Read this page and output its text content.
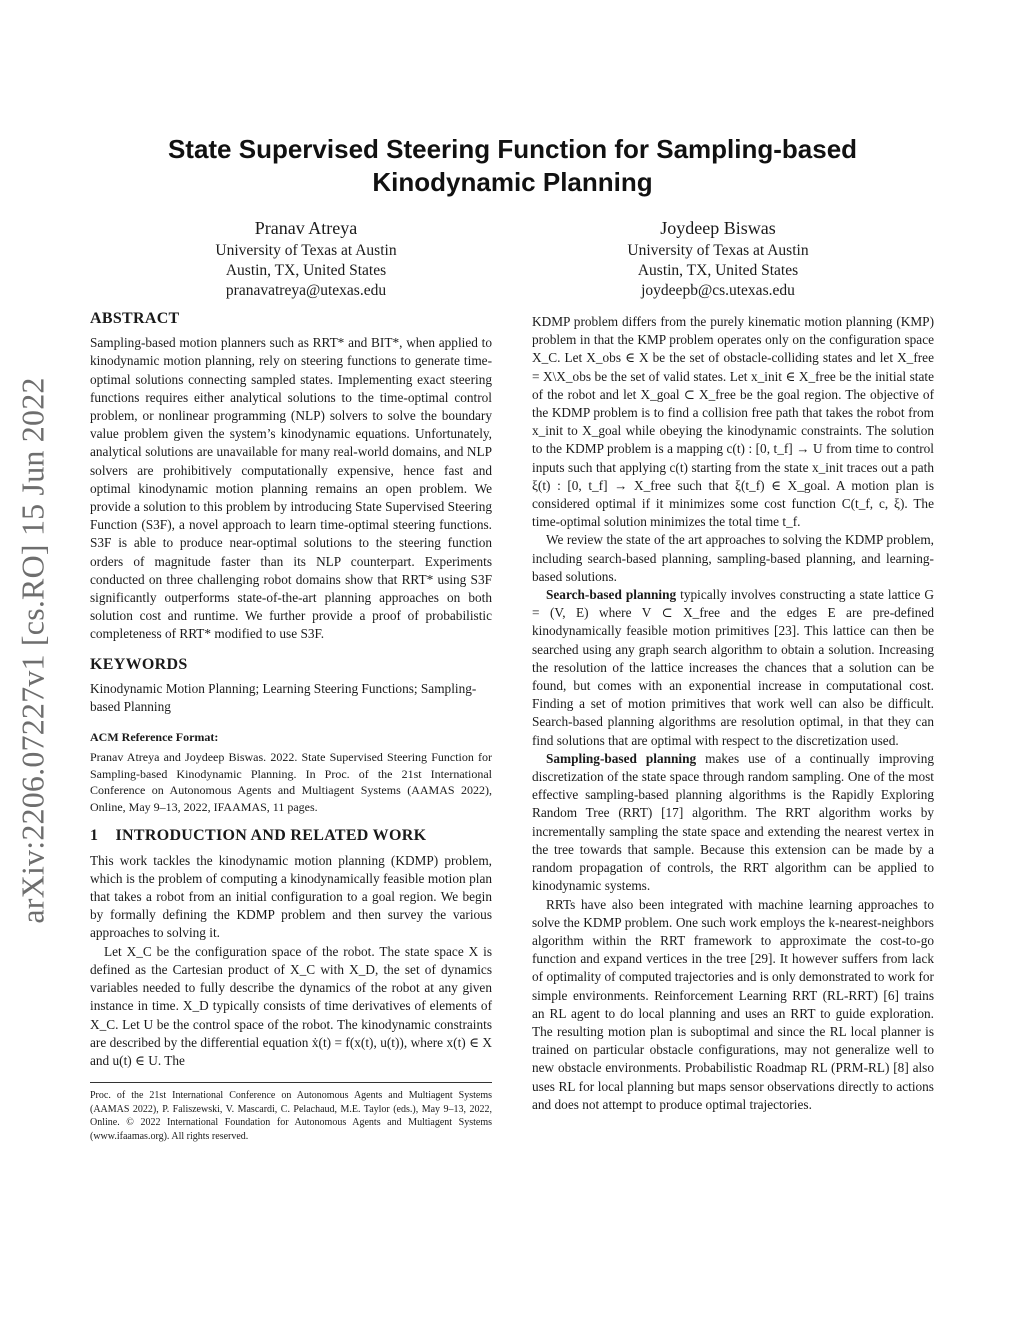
arXiv:2206.07227v1 [cs.RO] 15 Jun 2022
State Supervised Steering Function for Sampling-based Kinodynamic Planning
Pranav Atreya
University of Texas at Austin
Austin, TX, United States
pranavatreya@utexas.edu
Joydeep Biswas
University of Texas at Austin
Austin, TX, United States
joydeepb@cs.utexas.edu
ABSTRACT

Sampling-based motion planners such as RRT* and BIT*, when applied to kinodynamic motion planning, rely on steering functions to generate time-optimal solutions connecting sampled states. Implementing exact steering functions requires either analytical solutions to the time-optimal control problem, or nonlinear programming (NLP) solvers to solve the boundary value problem given the system’s kinodynamic equations. Unfortunately, analytical solutions are unavailable for many real-world domains, and NLP solvers are prohibitively computationally expensive, hence fast and optimal kinodynamic motion planning remains an open problem. We provide a solution to this problem by introducing State Supervised Steering Function (S3F), a novel approach to learn time-optimal steering functions. S3F is able to produce near-optimal solutions to the steering function orders of magnitude faster than its NLP counterpart. Experiments conducted on three challenging robot domains show that RRT* using S3F significantly outperforms state-of-the-art planning approaches on both solution cost and runtime. We further provide a proof of probabilistic completeness of RRT* modified to use S3F.

KEYWORDS

Kinodynamic Motion Planning; Learning Steering Functions; Sampling-based Planning

ACM Reference Format:

Pranav Atreya and Joydeep Biswas. 2022. State Supervised Steering Function for Sampling-based Kinodynamic Planning. In Proc. of the 21st International Conference on Autonomous Agents and Multiagent Systems (AAMAS 2022), Online, May 9–13, 2022, IFAAMAS, 11 pages.

1    INTRODUCTION AND RELATED WORK

This work tackles the kinodynamic motion planning (KDMP) problem, which is the problem of computing a kinodynamically feasible motion plan that takes a robot from an initial configuration to a goal region. We begin by formally defining the KDMP problem and then survey the various approaches to solving it.

Let X_C be the configuration space of the robot. The state space X is defined as the Cartesian product of X_C with X_D, the set of dynamics variables needed to fully describe the dynamics of the robot at any given instance in time. X_D typically consists of time derivatives of elements of X_C. Let U be the control space of the robot. The kinodynamic constraints are described by the differential equation ẋ(t) = f(x(t), u(t)), where x(t) ∈ X and u(t) ∈ U. The

Proc. of the 21st International Conference on Autonomous Agents and Multiagent Systems (AAMAS 2022), P. Faliszewski, V. Mascardi, C. Pelachaud, M.E. Taylor (eds.), May 9–13, 2022, Online. © 2022 International Foundation for Autonomous Agents and Multiagent Systems (www.ifaamas.org). All rights reserved.

KDMP problem differs from the purely kinematic motion planning (KMP) problem in that the KMP problem operates only on the configuration space X_C. Let X_obs ∈ X be the set of obstacle-colliding states and let X_free = X\X_obs be the set of valid states. Let x_init ∈ X_free be the initial state of the robot and let X_goal ⊂ X_free be the goal region. The objective of the KDMP problem is to find a collision free path that takes the robot from x_init to X_goal while obeying the kinodynamic constraints. The solution to the KDMP problem is a mapping c(t) : [0, t_f] → U from time to control inputs such that applying c(t) starting from the state x_init traces out a path ξ(t) : [0, t_f] → X_free such that ξ(t_f) ∈ X_goal. A motion plan is considered optimal if it minimizes some cost function C(t_f, c, ξ). The time-optimal solution minimizes the total time t_f.

We review the state of the art approaches to solving the KDMP problem, including search-based planning, sampling-based planning, and learning-based solutions.

Search-based planning typically involves constructing a state lattice G = (V, E) where V ⊂ X_free and the edges E are pre-defined kinodynamically feasible motion primitives [23]. This lattice can then be searched using any graph search algorithm to obtain a solution. Increasing the resolution of the lattice increases the chances that a solution can be found, but comes with an exponential increase in computational cost. Finding a set of motion primitives that work well can also be difficult. Search-based planning algorithms are resolution optimal, in that they can find solutions that are optimal with respect to the discretization used.

Sampling-based planning makes use of a continually improving discretization of the state space through random sampling. One of the most effective sampling-based planning algorithms is the Rapidly Exploring Random Tree (RRT) [17] algorithm. The RRT algorithm works by incrementally sampling the state space and extending the nearest vertex in the tree towards that sample. Because this extension can be made by a random propagation of controls, the RRT algorithm can be applied to kinodynamic systems.

RRTs have also been integrated with machine learning approaches to solve the KDMP problem. One such work employs the k-nearest-neighbors algorithm within the RRT framework to approximate the cost-to-go function and expand vertices in the tree [29]. It however suffers from lack of optimality of computed trajectories and is only demonstrated to work for simple environments. Reinforcement Learning RRT (RL-RRT) [6] trains an RL agent to do local planning and uses an RRT to guide exploration. The resulting motion plan is suboptimal and since the RL local planner is trained on particular obstacle configurations, may not generalize well to new obstacle environments. Probabilistic Roadmap RL (PRM-RL) [8] also uses RL for local planning but maps sensor observations directly to actions and does not attempt to produce optimal trajectories.
